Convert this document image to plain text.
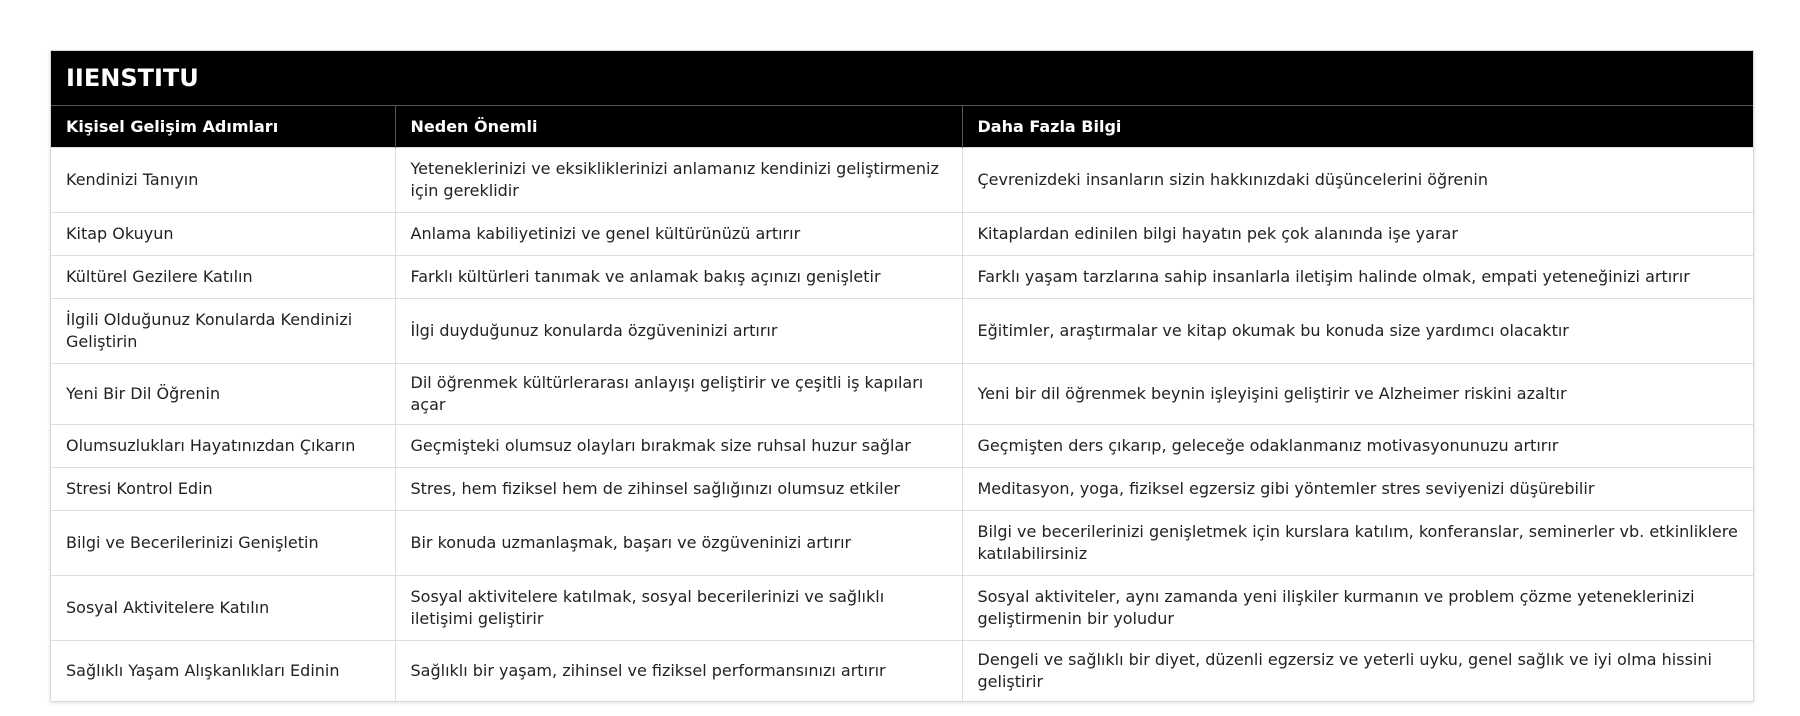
IIENSTITU
Kişisel Gelişim Adımları	Neden Önemli	Daha Fazla Bilgi
Kendinizi Tanıyın	Yeteneklerinizi ve eksikliklerinizi anlamanız kendinizi geliştirmeniz için gereklidir	Çevrenizdeki insanların sizin hakkınızdaki düşüncelerini öğrenin
Kitap Okuyun	Anlama kabiliyetinizi ve genel kültürünüzü artırır	Kitaplardan edinilen bilgi hayatın pek çok alanında işe yarar
Kültürel Gezilere Katılın	Farklı kültürleri tanımak ve anlamak bakış açınızı genişletir	Farklı yaşam tarzlarına sahip insanlarla iletişim halinde olmak, empati yeteneğinizi artırır
İlgili Olduğunuz Konularda Kendinizi Geliştirin	İlgi duyduğunuz konularda özgüveninizi artırır	Eğitimler, araştırmalar ve kitap okumak bu konuda size yardımcı olacaktır
Yeni Bir Dil Öğrenin	Dil öğrenmek kültürlerarası anlayışı geliştirir ve çeşitli iş kapıları açar	Yeni bir dil öğrenmek beynin işleyişini geliştirir ve Alzheimer riskini azaltır
Olumsuzlukları Hayatınızdan Çıkarın	Geçmişteki olumsuz olayları bırakmak size ruhsal huzur sağlar	Geçmişten ders çıkarıp, geleceğe odaklanmanız motivasyonunuzu artırır
Stresi Kontrol Edin	Stres, hem fiziksel hem de zihinsel sağlığınızı olumsuz etkiler	Meditasyon, yoga, fiziksel egzersiz gibi yöntemler stres seviyenizi düşürebilir
Bilgi ve Becerilerinizi Genişletin	Bir konuda uzmanlaşmak, başarı ve özgüveninizi artırır	Bilgi ve becerilerinizi genişletmek için kurslara katılım, konferanslar, seminerler vb. etkinliklere katılabilirsiniz
Sosyal Aktivitelere Katılın	Sosyal aktivitelere katılmak, sosyal becerilerinizi ve sağlıklı iletişimi geliştirir	Sosyal aktiviteler, aynı zamanda yeni ilişkiler kurmanın ve problem çözme yeteneklerinizi geliştirmenin bir yoludur
Sağlıklı Yaşam Alışkanlıkları Edinin	Sağlıklı bir yaşam, zihinsel ve fiziksel performansınızı artırır	Dengeli ve sağlıklı bir diyet, düzenli egzersiz ve yeterli uyku, genel sağlık ve iyi olma hissini geliştirir
